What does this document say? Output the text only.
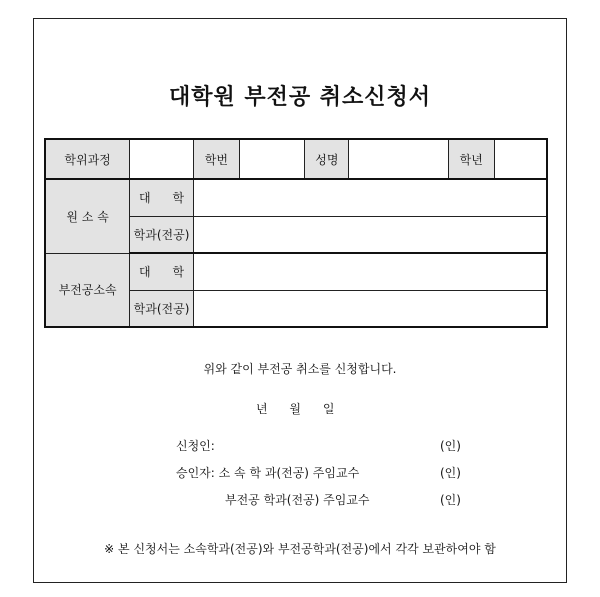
대학원 부전공 취소신청서
학위과정		학번		성명		학년	
원 소 속	대 학						
	학과(전공)						
부전공소속	대 학						
	학과(전공)						
위와 같이 부전공 취소를 신청합니다.
년 월 일
신청인:	(인)
승인자: 소 속 학 과(전공) 주임교수	(인)
부전공 학과(전공) 주임교수	(인)
※ 본 신청서는 소속학과(전공)와 부전공학과(전공)에서 각각 보관하여야 함
